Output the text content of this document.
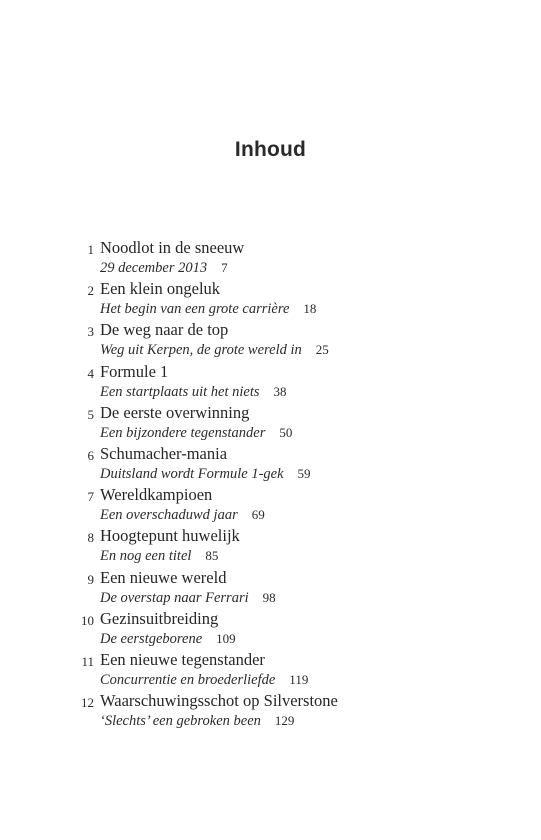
Inhoud
1 Noodlot in de sneeuw
29 december 2013 7
2 Een klein ongeluk
Het begin van een grote carrière 18
3 De weg naar de top
Weg uit Kerpen, de grote wereld in 25
4 Formule 1
Een startplaats uit het niets 38
5 De eerste overwinning
Een bijzondere tegenstander 50
6 Schumacher-mania
Duitsland wordt Formule 1-gek 59
7 Wereldkampioen
Een overschaduwd jaar 69
8 Hoogtepunt huwelijk
En nog een titel 85
9 Een nieuwe wereld
De overstap naar Ferrari 98
10 Gezinsuitbreiding
De eerstgeborene 109
11 Een nieuwe tegenstander
Concurrentie en broederliefde 119
12 Waarschuwingsschot op Silverstone
‘Slechts’ een gebroken been 129
